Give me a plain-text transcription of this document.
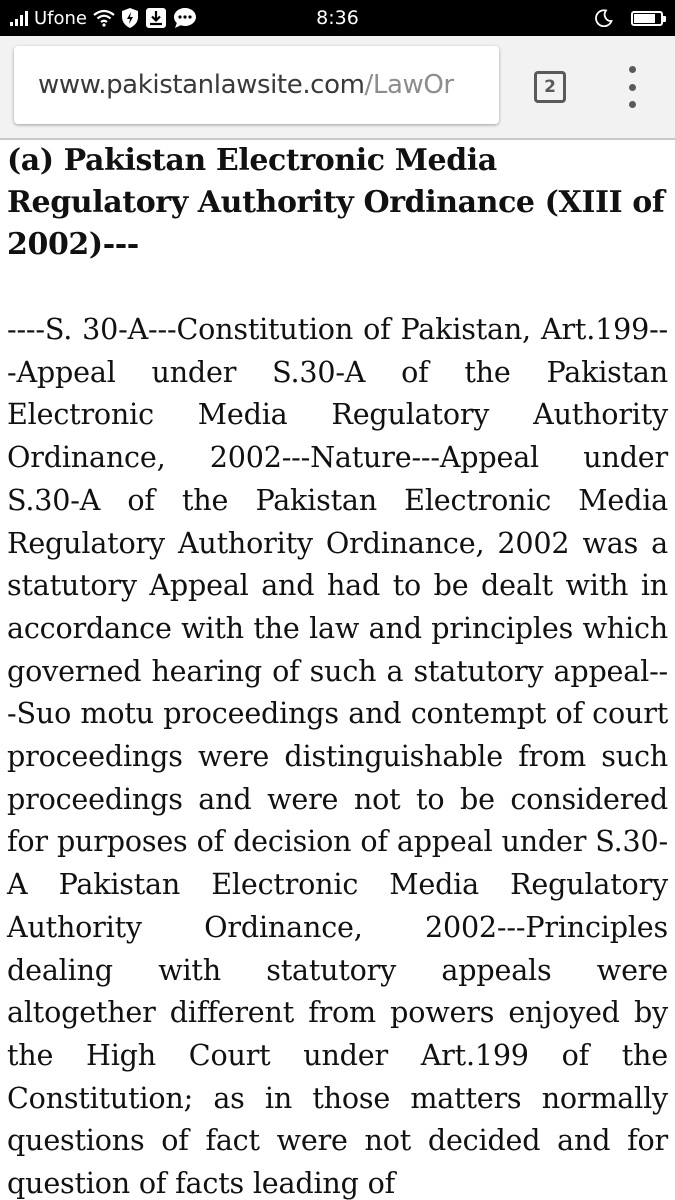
Ufone	8:36
www.pakistanlawsite.com/LawOr	2
(a) Pakistan Electronic Media Regulatory Authority Ordinance (XIII of 2002)---

----S. 30-A---Constitution of Pakistan, Art.199---Appeal under S.30-A of the Pakistan Electronic Media Regulatory Authority Ordinance, 2002---Nature---Appeal under S.30-A of the Pakistan Electronic Media Regulatory Authority Ordinance, 2002 was a statutory Appeal and had to be dealt with in accordance with the law and principles which governed hearing of such a statutory appeal---Suo motu proceedings and contempt of court proceedings were distinguishable from such proceedings and were not to be considered for purposes of decision of appeal under S.30-A Pakistan Electronic Media Regulatory Authority Ordinance, 2002---Principles dealing with statutory appeals were altogether different from powers enjoyed by the High Court under Art.199 of the Constitution; as in those matters normally questions of fact were not decided and for question of facts leading of
